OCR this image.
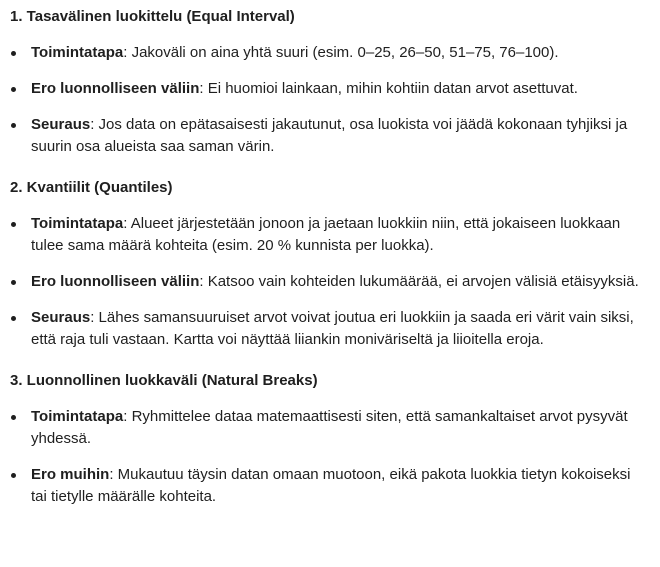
1. Tasavälinen luokittelu (Equal Interval)
Toimintatapa: Jakoväli on aina yhtä suuri (esim. 0–25, 26–50, 51–75, 76–100).
Ero luonnolliseen väliin: Ei huomioi lainkaan, mihin kohtiin datan arvot asettuvat.
Seuraus: Jos data on epätasaisesti jakautunut, osa luokista voi jäädä kokonaan tyhjiksi ja suurin osa alueista saa saman värin.
2. Kvantiilit (Quantiles)
Toimintatapa: Alueet järjestetään jonoon ja jaetaan luokkiin niin, että jokaiseen luokkaan tulee sama määrä kohteita (esim. 20 % kunnista per luokka).
Ero luonnolliseen väliin: Katsoo vain kohteiden lukumäärää, ei arvojen välisiä etäisyyksiä.
Seuraus: Lähes samansuuruiset arvot voivat joutua eri luokkiin ja saada eri värit vain siksi, että raja tuli vastaan. Kartta voi näyttää liiankin moniväriseltä ja liioitella eroja.
3. Luonnollinen luokkaväli (Natural Breaks)
Toimintatapa: Ryhmittelee dataa matemaattisesti siten, että samankaltaiset arvot pysyvät yhdessä.
Ero muihin: Mukautuu täysin datan omaan muotoon, eikä pakota luokkia tietyn kokoiseksi tai tietylle määrälle kohteita.
